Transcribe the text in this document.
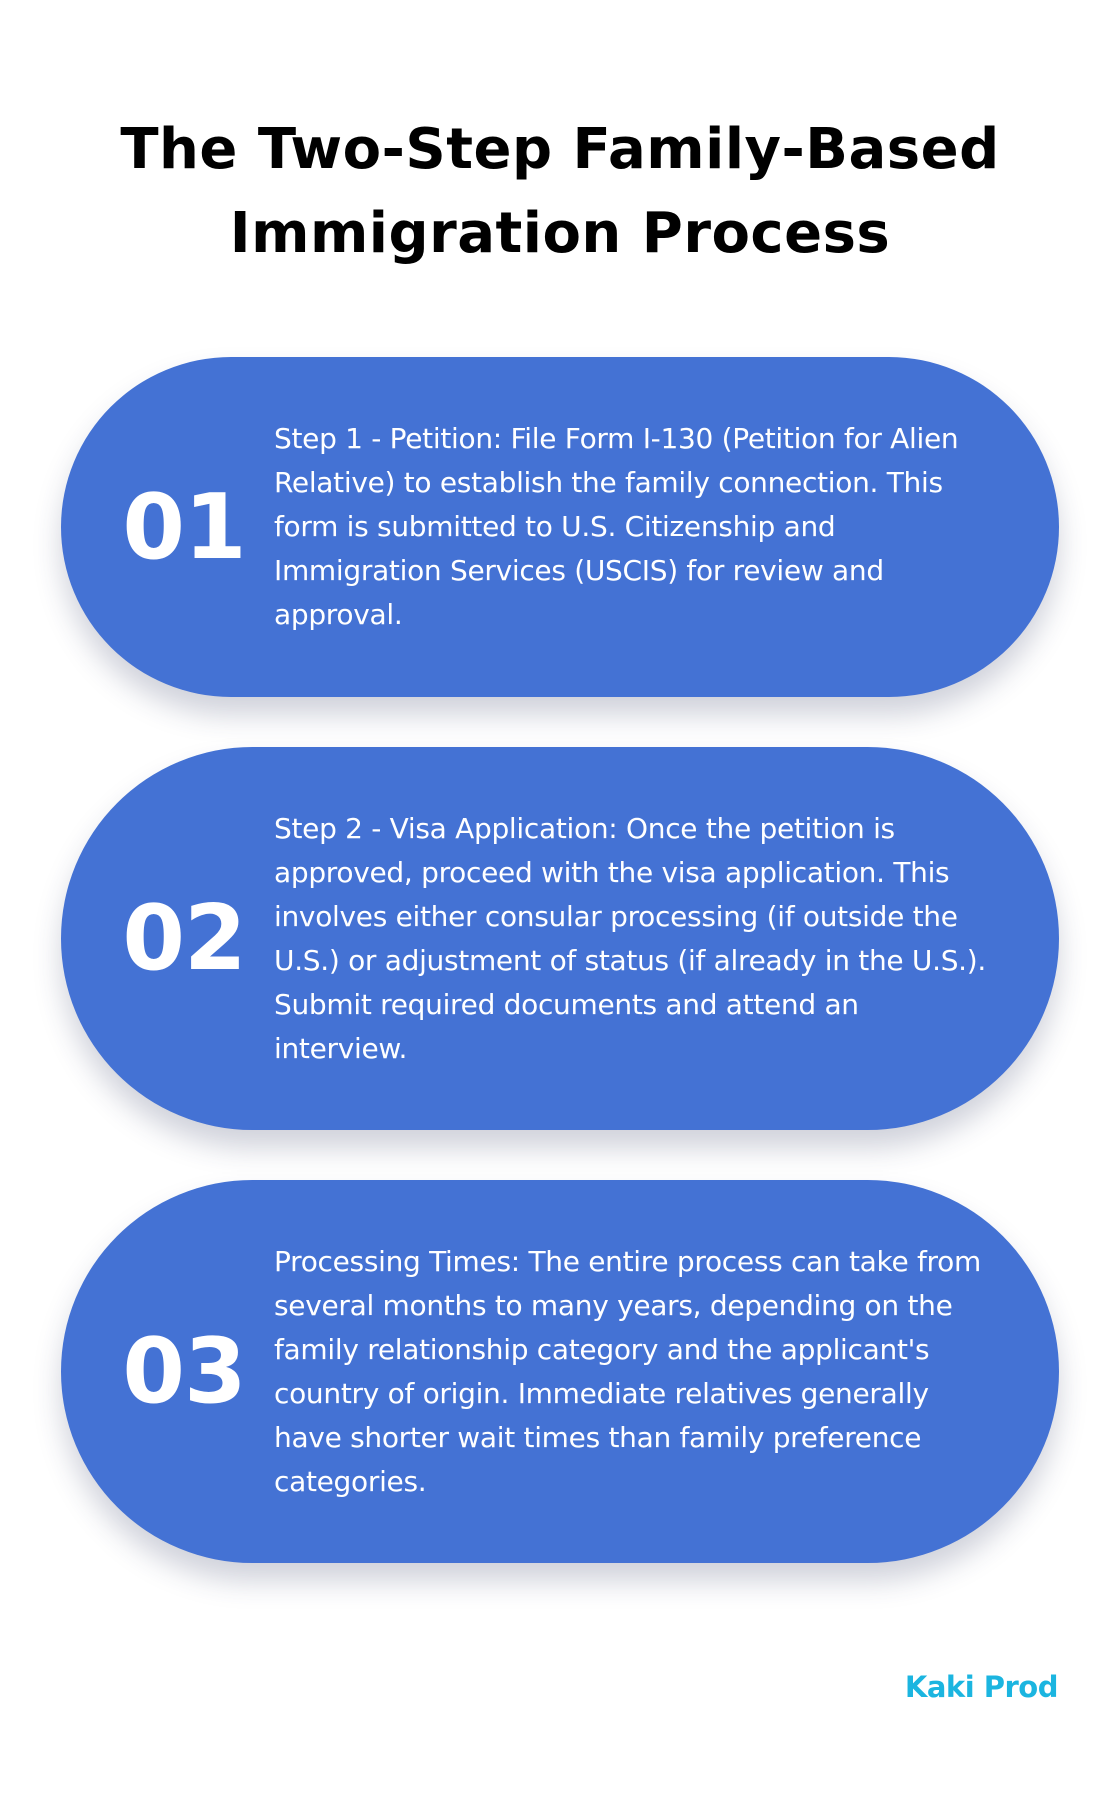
The Two-Step Family-Based
Immigration Process
01

Step 1 - Petition: File Form I-130 (Petition for Alien Relative) to establish the family connection. This form is submitted to U.S. Citizenship and Immigration Services (USCIS) for review and approval.

02

Step 2 - Visa Application: Once the petition is approved, proceed with the visa application. This involves either consular processing (if outside the U.S.) or adjustment of status (if already in the U.S.). Submit required documents and attend an interview.

03

Processing Times: The entire process can take from several months to many years, depending on the family relationship category and the applicant's country of origin. Immediate relatives generally have shorter wait times than family preference categories.

Kaki Prod
